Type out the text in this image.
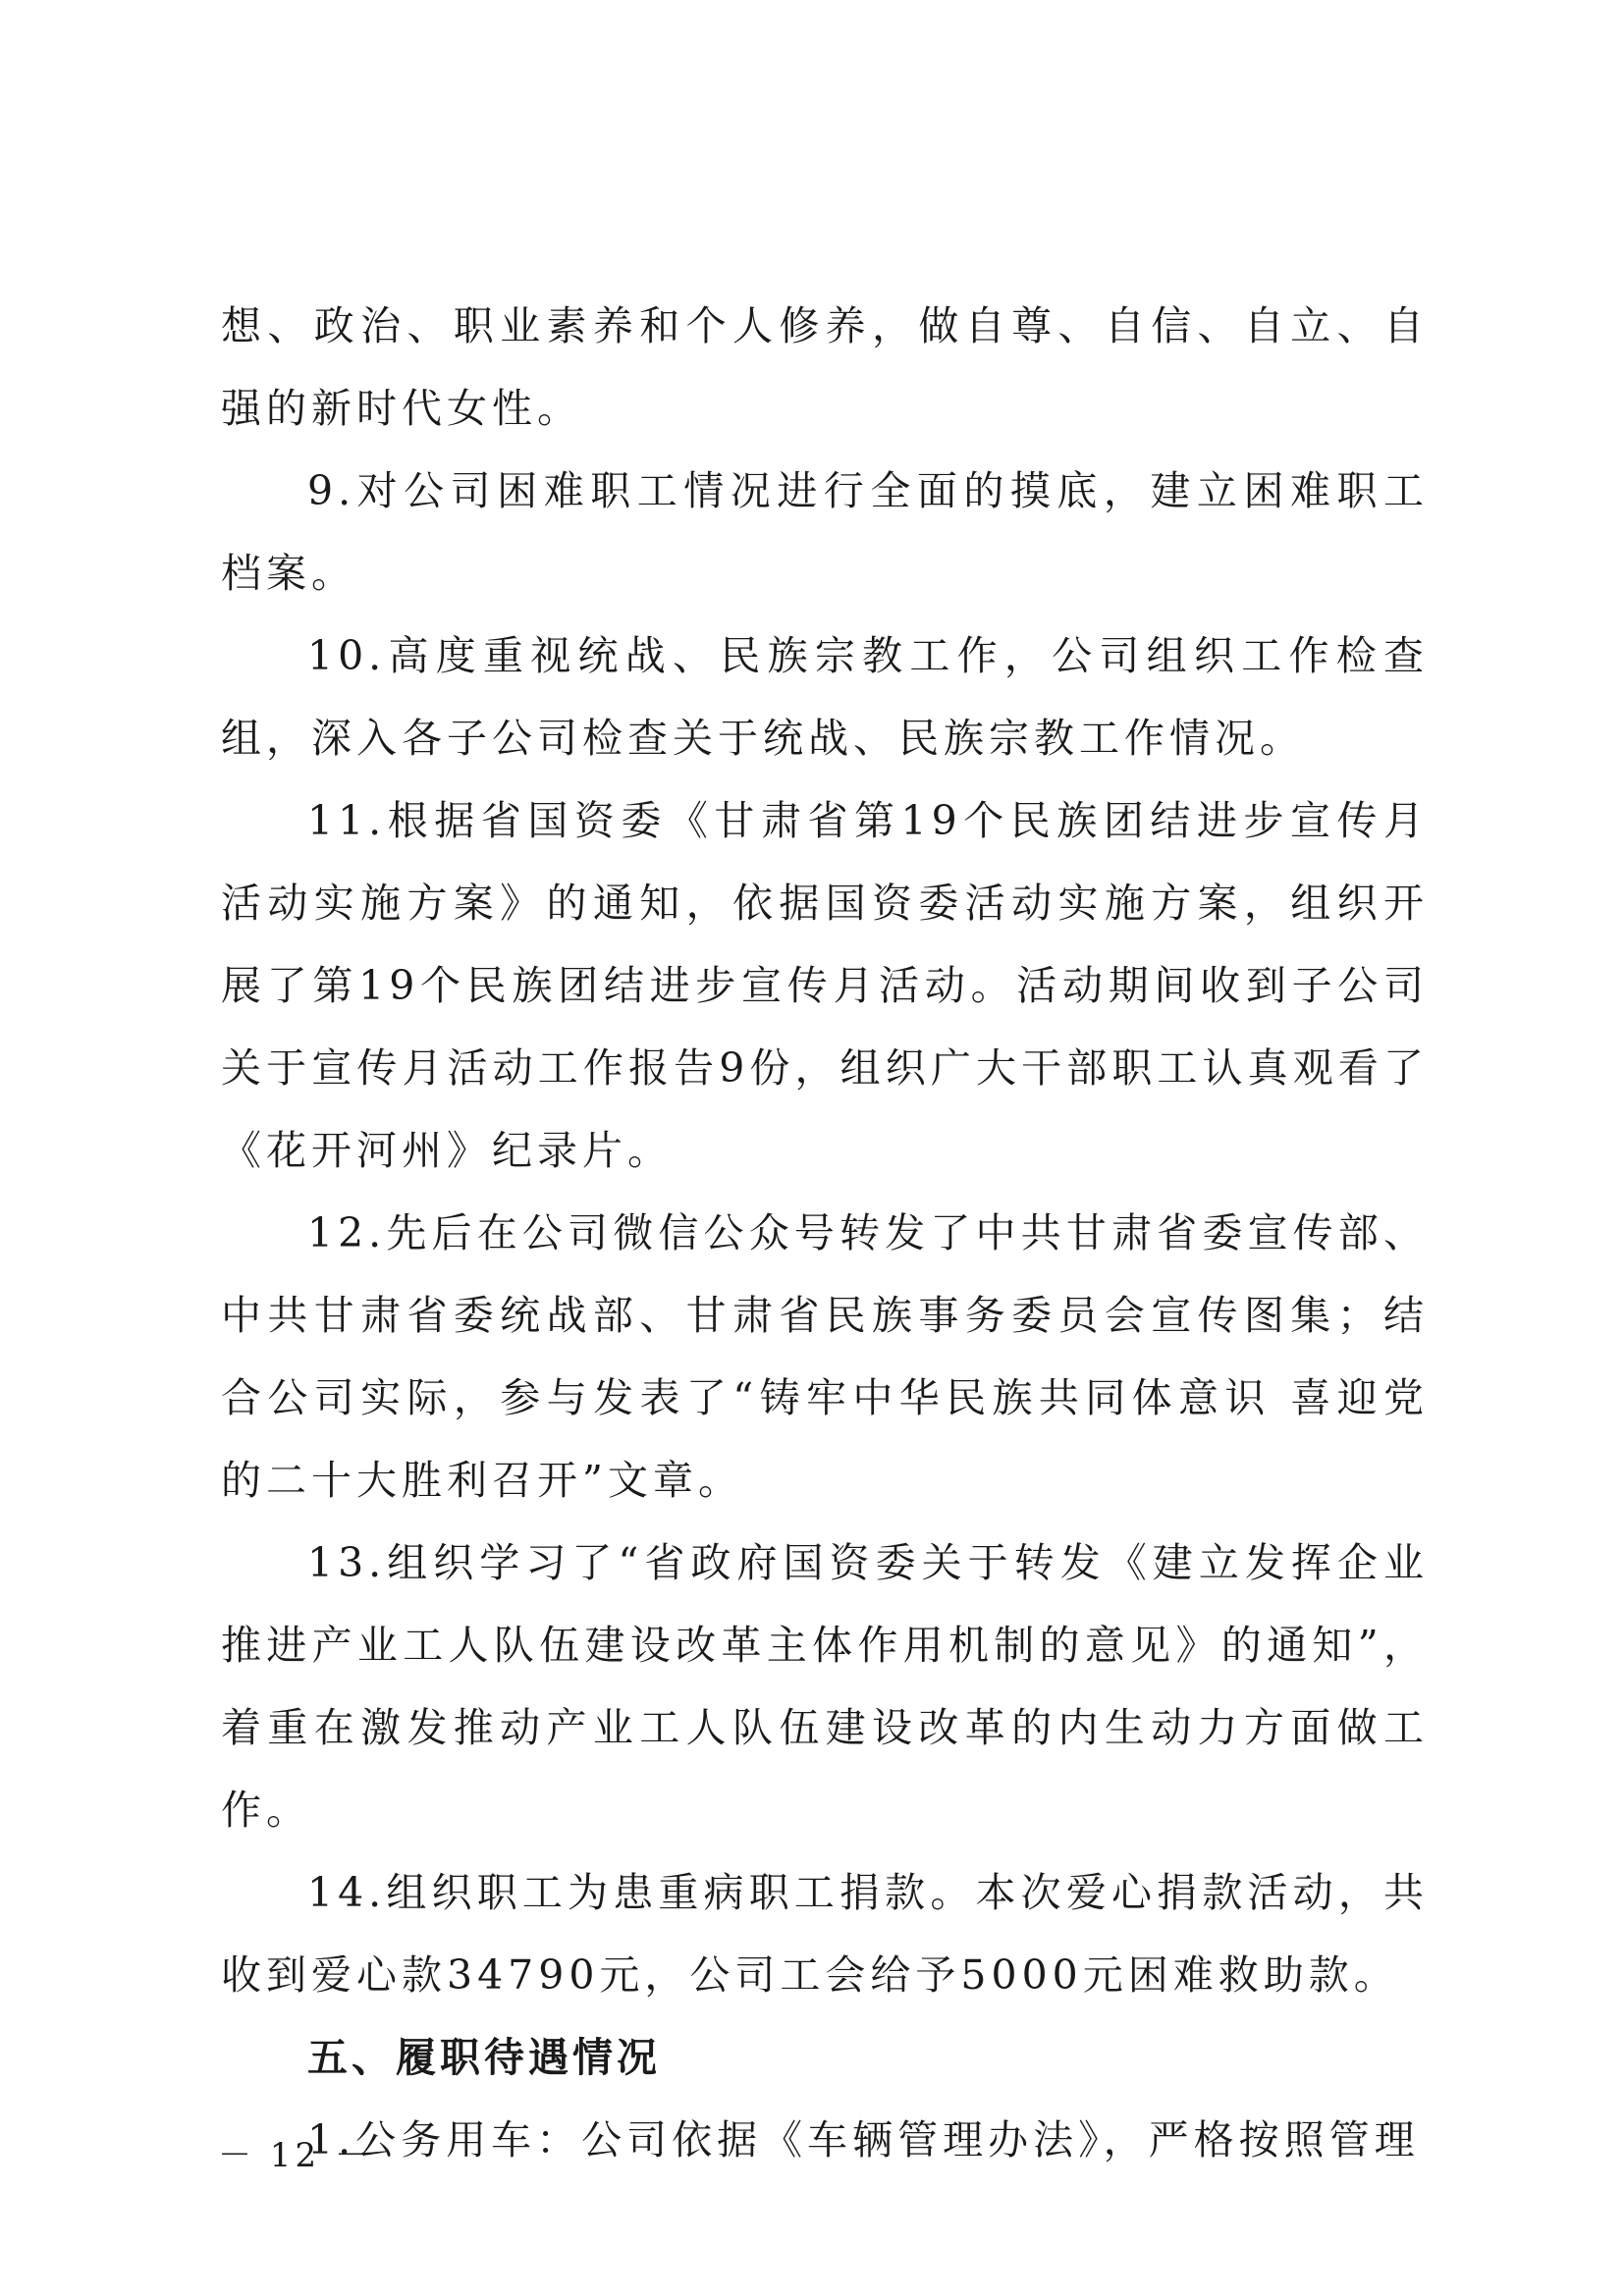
想、政治、职业素养和个人修养，做自尊、自信、自立、自强的新时代女性。

9.对公司困难职工情况进行全面的摸底，建立困难职工档案。

10.高度重视统战、民族宗教工作，公司组织工作检查组，深入各子公司检查关于统战、民族宗教工作情况。

11.根据省国资委《甘肃省第19个民族团结进步宣传月活动实施方案》的通知，依据国资委活动实施方案，组织开展了第19个民族团结进步宣传月活动。活动期间收到子公司关于宣传月活动工作报告9份，组织广大干部职工认真观看了《花开河州》纪录片。

12.先后在公司微信公众号转发了中共甘肃省委宣传部、中共甘肃省委统战部、甘肃省民族事务委员会宣传图集；结合公司实际，参与发表了“铸牢中华民族共同体意识 喜迎党的二十大胜利召开”文章。

13.组织学习了“省政府国资委关于转发《建立发挥企业推进产业工人队伍建设改革主体作用机制的意见》的通知”，着重在激发推动产业工人队伍建设改革的内生动力方面做工作。

14.组织职工为患重病职工捐款。本次爱心捐款活动，共收到爱心款34790元，公司工会给予5000元困难救助款。

五、履职待遇情况

1.公务用车：公司依据《车辆管理办法》，严格按照管理

－ 12 －
